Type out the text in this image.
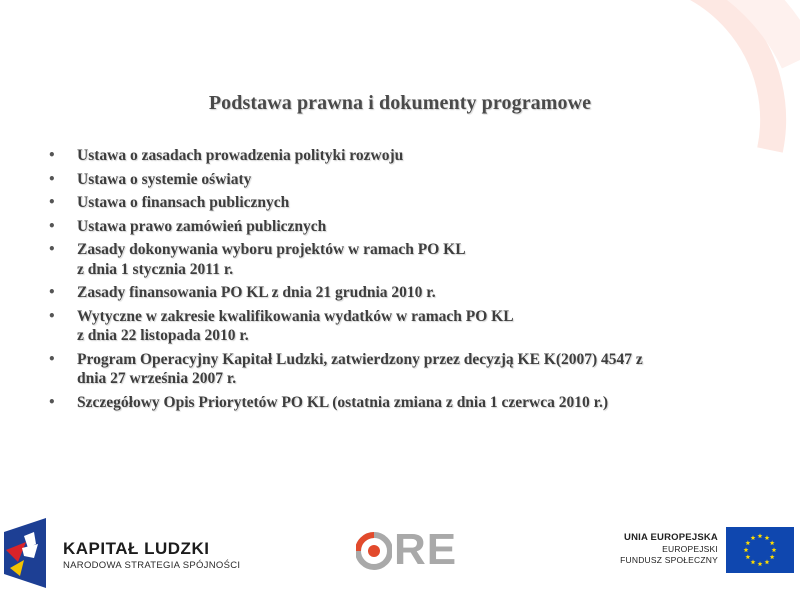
Podstawa prawna i dokumenty programowe
• Ustawa o zasadach prowadzenia polityki rozwoju
• Ustawa o systemie oświaty
• Ustawa o finansach publicznych
• Ustawa prawo zamówień publicznych
• Zasady dokonywania wyboru projektów w ramach PO KL
z dnia 1 stycznia 2011 r.
• Zasady finansowania PO KL z dnia 21 grudnia 2010 r.
• Wytyczne w zakresie kwalifikowania wydatków w ramach PO KL
z dnia 22 listopada 2010 r.
• Program Operacyjny Kapitał Ludzki, zatwierdzony przez decyzją KE K(2007) 4547 z
dnia 27 września 2007 r.
• Szczegółowy Opis Priorytetów PO KL (ostatnia zmiana z dnia 1 czerwca 2010 r.)
KAPITAŁ LUDZKI
NARODOWA STRATEGIA SPÓJNOŚCI	RE	UNIA EUROPEJSKA
EUROPEJSKI
FUNDUSZ SPOŁECZNY
